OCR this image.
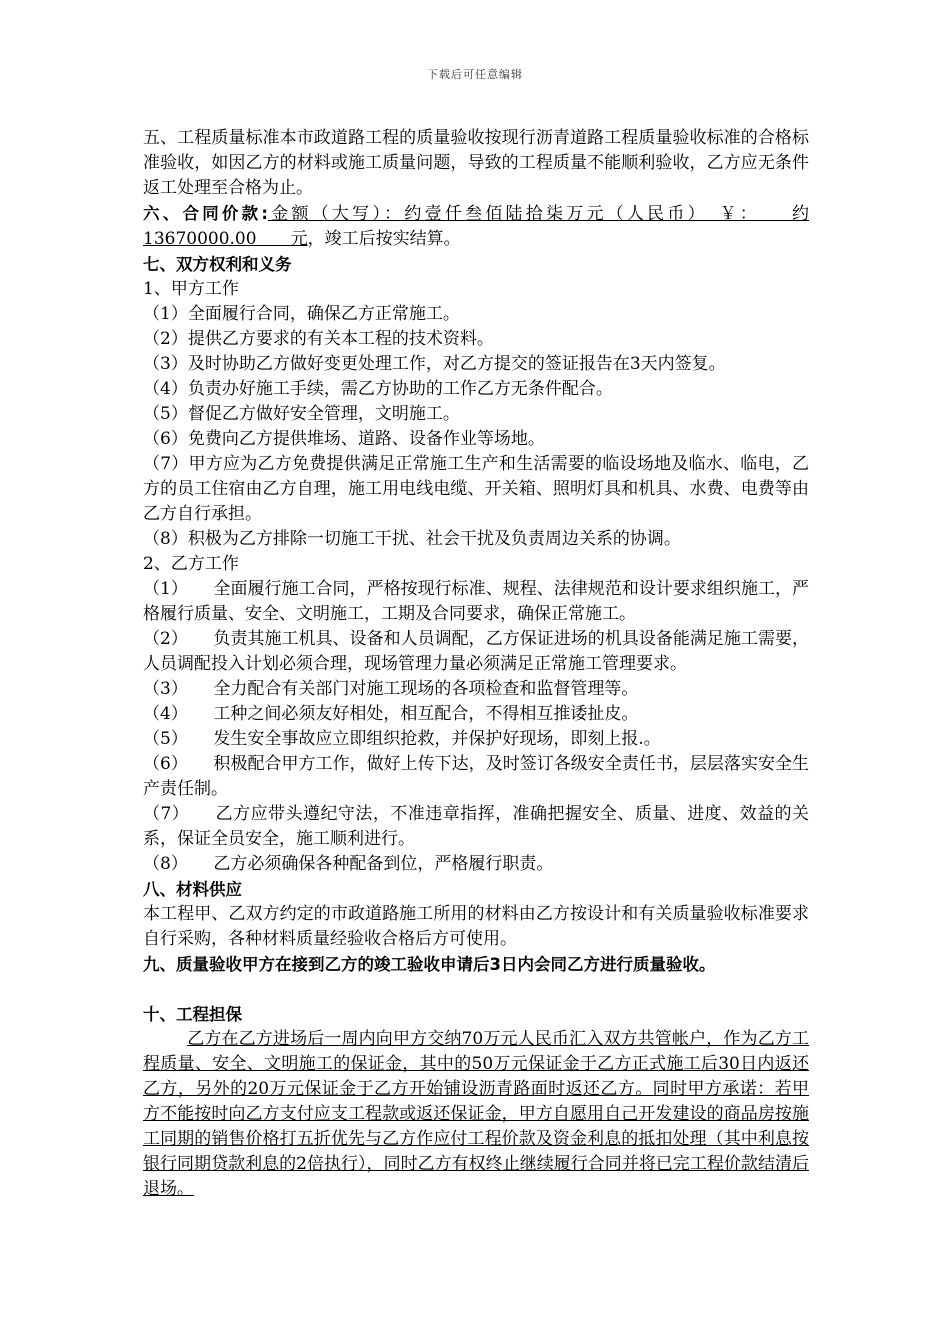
下载后可任意编辑

五、工程质量标准本市政道路工程的质量验收按现行沥青道路工程质量验收标准的合格标准验收，如因乙方的材料或施工质量问题，导致的工程质量不能顺利验收，乙方应无条件返工处理至合格为止。

六、合同价款:金额（大写）：约壹仟叁佰陆拾柒万元（人民币）　￥：　　约13670000.00　　元，竣工后按实结算。

七、双方权利和义务

1、甲方工作

（1）全面履行合同，确保乙方正常施工。

（2）提供乙方要求的有关本工程的技术资料。

（3）及时协助乙方做好变更处理工作，对乙方提交的签证报告在3天内签复。

（4）负责办好施工手续，需乙方协助的工作乙方无条件配合。

（5）督促乙方做好安全管理，文明施工。

（6）免费向乙方提供堆场、道路、设备作业等场地。

（7）甲方应为乙方免费提供满足正常施工生产和生活需要的临设场地及临水、临电，乙方的员工住宿由乙方自理，施工用电线电缆、开关箱、照明灯具和机具、水费、电费等由乙方自行承担。

（8）积极为乙方排除一切施工干扰、社会干扰及负责周边关系的协调。

2、乙方工作

（1）　　 全面履行施工合同，严格按现行标准、规程、法律规范和设计要求组织施工，严格履行质量、安全、文明施工，工期及合同要求，确保正常施工。

（2）　　 负责其施工机具、设备和人员调配，乙方保证进场的机具设备能满足施工需要，人员调配投入计划必须合理，现场管理力量必须满足正常施工管理要求。

（3）　　 全力配合有关部门对施工现场的各项检查和监督管理等。

（4）　　 工种之间必须友好相处，相互配合，不得相互推诿扯皮。

（5）　　 发生安全事故应立即组织抢救，并保护好现场，即刻上报.。

（6）　　 积极配合甲方工作，做好上传下达，及时签订各级安全责任书，层层落实安全生产责任制。

（7）　　 乙方应带头遵纪守法，不准违章指挥，准确把握安全、质量、进度、效益的关系，保证全员安全，施工顺利进行。

（8）　　 乙方必须确保各种配备到位，严格履行职责。

八、材料供应

本工程甲、乙双方约定的市政道路施工所用的材料由乙方按设计和有关质量验收标准要求自行采购，各种材料质量经验收合格后方可使用。

九、质量验收甲方在接到乙方的竣工验收申请后3日内会同乙方进行质量验收。

十、工程担保

乙方在乙方进场后一周内向甲方交纳70万元人民币汇入双方共管帐户，作为乙方工程质量、安全、文明施工的保证金，其中的50万元保证金于乙方正式施工后30日内返还乙方，另外的20万元保证金于乙方开始铺设沥青路面时返还乙方。同时甲方承诺：若甲方不能按时向乙方支付应支工程款或返还保证金，甲方自愿用自己开发建设的商品房按施工同期的销售价格打五折优先与乙方作应付工程价款及资金利息的抵扣处理（其中利息按银行同期贷款利息的2倍执行），同时乙方有权终止继续履行合同并将已完工程价款结清后退场。
